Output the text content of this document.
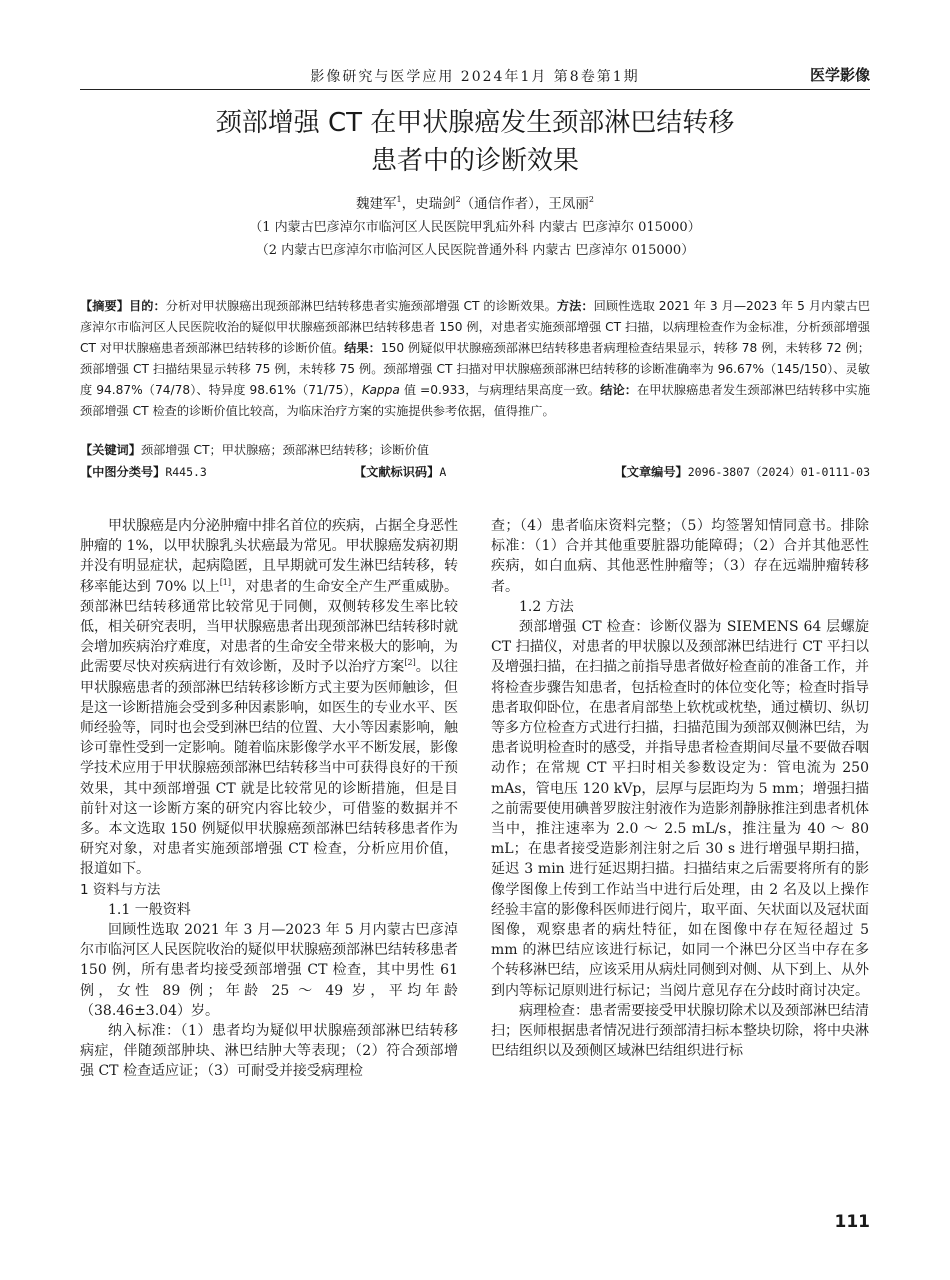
影像研究与医学应用 2024年1月 第8卷第1期	医学影像
颈部增强 CT 在甲状腺癌发生颈部淋巴结转移
患者中的诊断效果
魏建军$^1$，史瑞剑$^2$（通信作者），王凤丽$^2$
（1 内蒙古巴彦淖尔市临河区人民医院甲乳疝外科 内蒙古 巴彦淖尔 015000）
（2 内蒙古巴彦淖尔市临河区人民医院普通外科 内蒙古 巴彦淖尔 015000）
【摘要】目的：分析对甲状腺癌出现颈部淋巴结转移患者实施颈部增强 CT 的诊断效果。方法：回顾性选取 2021 年 3 月—2023 年 5 月内蒙古巴彦淖尔市临河区人民医院收治的疑似甲状腺癌颈部淋巴结转移患者 150 例，对患者实施颈部增强 CT 扫描，以病理检查作为金标准，分析颈部增强 CT 对甲状腺癌患者颈部淋巴结转移的诊断价值。结果：150 例疑似甲状腺癌颈部淋巴结转移患者病理检查结果显示，转移 78 例，未转移 72 例；颈部增强 CT 扫描结果显示转移 75 例，未转移 75 例。颈部增强 CT 扫描对甲状腺癌颈部淋巴结转移的诊断准确率为 96.67%（145/150）、灵敏度 94.87%（74/78）、特异度 98.61%（71/75），Kappa 值 =0.933，与病理结果高度一致。结论：在甲状腺癌患者发生颈部淋巴结转移中实施颈部增强 CT 检查的诊断价值比较高，为临床治疗方案的实施提供参考依据，值得推广。
【关键词】颈部增强 CT；甲状腺癌；颈部淋巴结转移；诊断价值
【中图分类号】R445.3	【文献标识码】A	【文章编号】2096-3807（2024）01-0111-03

甲状腺癌是内分泌肿瘤中排名首位的疾病，占据全身恶性肿瘤的 1%，以甲状腺乳头状癌最为常见。甲状腺癌发病初期并没有明显症状，起病隐匿，且早期就可发生淋巴结转移，转移率能达到 70% 以上[1]，对患者的生命安全产生严重威胁。颈部淋巴结转移通常比较常见于同侧，双侧转移发生率比较低，相关研究表明，当甲状腺癌患者出现颈部淋巴结转移时就会增加疾病治疗难度，对患者的生命安全带来极大的影响，为此需要尽快对疾病进行有效诊断，及时予以治疗方案[2]。以往甲状腺癌患者的颈部淋巴结转移诊断方式主要为医师触诊，但是这一诊断措施会受到多种因素影响，如医生的专业水平、医师经验等，同时也会受到淋巴结的位置、大小等因素影响，触诊可靠性受到一定影响。随着临床影像学水平不断发展，影像学技术应用于甲状腺癌颈部淋巴结转移当中可获得良好的干预效果，其中颈部增强 CT 就是比较常见的诊断措施，但是目前针对这一诊断方案的研究内容比较少，可借鉴的数据并不多。本文选取 150 例疑似甲状腺癌颈部淋巴结转移患者作为研究对象，对患者实施颈部增强 CT 检查，分析应用价值，报道如下。

1 资料与方法

1.1 一般资料

回顾性选取 2021 年 3 月—2023 年 5 月内蒙古巴彦淖尔市临河区人民医院收治的疑似甲状腺癌颈部淋巴结转移患者 150 例，所有患者均接受颈部增强 CT 检查，其中男性 61 例，女性 89 例；年龄 25 ～ 49 岁，平均年龄（38.46±3.04）岁。

纳入标准：（1）患者均为疑似甲状腺癌颈部淋巴结转移病症，伴随颈部肿块、淋巴结肿大等表现；（2）符合颈部增强 CT 检查适应证；（3）可耐受并接受病理检

查；（4）患者临床资料完整；（5）均签署知情同意书。排除标准：（1）合并其他重要脏器功能障碍；（2）合并其他恶性疾病，如白血病、其他恶性肿瘤等；（3）存在远端肿瘤转移者。

1.2 方法

颈部增强 CT 检查：诊断仪器为 SIEMENS 64 层螺旋 CT 扫描仪，对患者的甲状腺以及颈部淋巴结进行 CT 平扫以及增强扫描，在扫描之前指导患者做好检查前的准备工作，并将检查步骤告知患者，包括检查时的体位变化等；检查时指导患者取仰卧位，在患者肩部垫上软枕或枕垫，通过横切、纵切等多方位检查方式进行扫描，扫描范围为颈部双侧淋巴结，为患者说明检查时的感受，并指导患者检查期间尽量不要做吞咽动作；在常规 CT 平扫时相关参数设定为：管电流为 250 mAs，管电压 120 kVp，层厚与层距均为 5 mm；增强扫描之前需要使用碘普罗胺注射液作为造影剂静脉推注到患者机体当中，推注速率为 2.0 ～ 2.5 mL/s，推注量为 40 ～ 80 mL；在患者接受造影剂注射之后 30 s 进行增强早期扫描，延迟 3 min 进行延迟期扫描。扫描结束之后需要将所有的影像学图像上传到工作站当中进行后处理，由 2 名及以上操作经验丰富的影像科医师进行阅片，取平面、矢状面以及冠状面图像，观察患者的病灶特征，如在图像中存在短径超过 5 mm 的淋巴结应该进行标记，如同一个淋巴分区当中存在多个转移淋巴结，应该采用从病灶同侧到对侧、从下到上、从外到内等标记原则进行标记；当阅片意见存在分歧时商讨决定。

病理检查：患者需要接受甲状腺切除术以及颈部淋巴结清扫；医师根据患者情况进行颈部清扫标本整块切除，将中央淋巴结组织以及颈侧区域淋巴结组织进行标

111
